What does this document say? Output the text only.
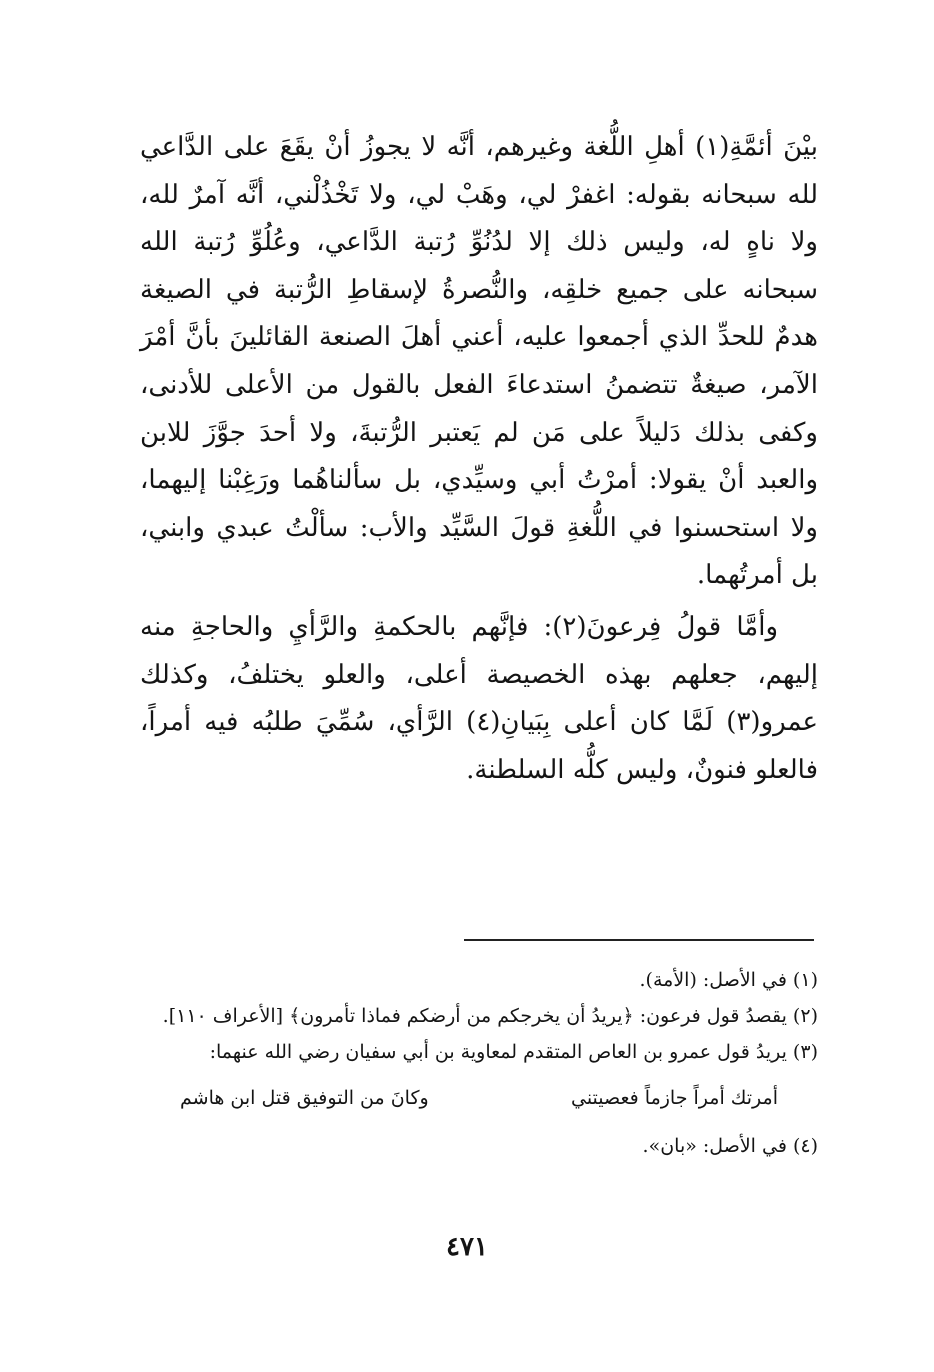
بيْنَ أئمَّةِ(١) أهلِ اللُّغة وغيرهم، أنَّه لا يجوزُ أنْ يقَعَ على الدَّاعي لله سبحانه بقوله: اغفرْ لي، وهَبْ لي، ولا تَخْذُلْني، أنَّه آمرٌ لله، ولا ناهٍ له، وليس ذلك إلا لدُنُوِّ رُتبة الدَّاعي، وعُلُوِّ رُتبة الله سبحانه على جميع خلقِه، والنُّصرةُ لإسقاطِ الرُّتبة في الصيغة هدمٌ للحدِّ الذي أجمعوا عليه، أعني أهلَ الصنعة القائلينَ بأنَّ أمْرَ الآمر، صيغةٌ تتضمنُ استدعاءَ الفعل بالقول من الأعلى للأدنى، وكفى بذلك دَليلاً على مَن لم يَعتبر الرُّتبةَ، ولا أحدَ جوَّزَ للابن والعبد أنْ يقولا: أمرْتُ أبي وسيِّدي، بل سألناهُما ورَغِبْنا إليهما، ولا استحسنوا في اللُّغةِ قولَ السَّيِّد والأب: سألْتُ عبدي وابني، بل أمرتُهما.

وأمَّا قولُ فِرعونَ(٢): فإنَّهم بالحكمةِ والرَّأيِ والحاجةِ منه إليهم، جعلهم بهذه الخصيصة أعلى، والعلو يختلفُ، وكذلك عمرو(٣) لَمَّا كان أعلى بِبَيانِ(٤) الرَّأي، سُمِّيَ طلبُه فيه أمراً، فالعلو فنونٌ، وليس كلُّه السلطنة.

(١) في الأصل: (الأمة).

(٢) يقصدُ قول فرعون: ﴿يريدُ أن يخرجكم من أرضكم فماذا تأمرون﴾ [الأعراف ١١٠].

(٣) يريدُ قول عمرو بن العاص المتقدم لمعاوية بن أبي سفيان رضي الله عنهما:

أمرتك أمراً جازماً فعصيتني
وكانَ من التوفيق قتل ابن هاشم

(٤) في الأصل: «بان».

٤٧١
